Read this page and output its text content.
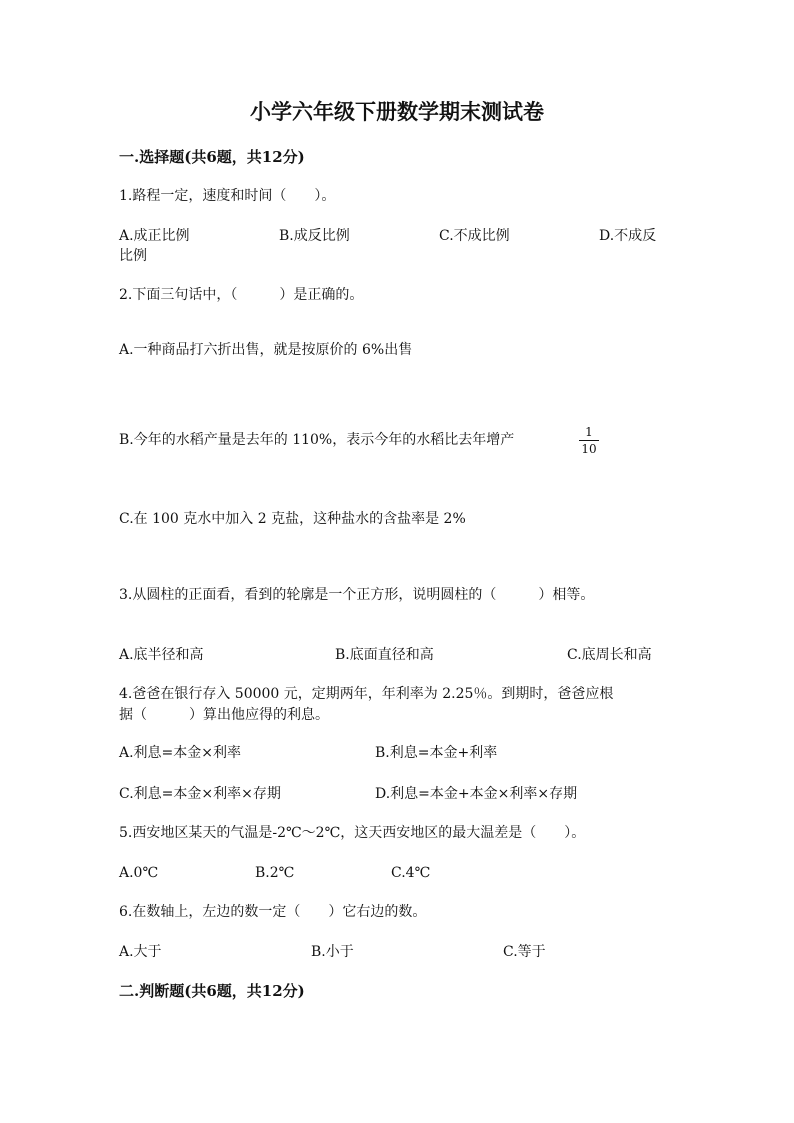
小学六年级下册数学期末测试卷
一.选择题(共6题，共12分)
1.路程一定，速度和时间（　　）。
A.成正比例	B.成反比例	C.不成比例	D.不成反
比例
2.下面三句话中，（　　　）是正确的。
A.一种商品打六折出售，就是按原价的 6%出售
B.今年的水稻产量是去年的 110%，表示今年的水稻比去年增产	1
10
C.在 100 克水中加入 2 克盐，这种盐水的含盐率是 2%
3.从圆柱的正面看，看到的轮廓是一个正方形，说明圆柱的（　　　）相等。
A.底半径和高	B.底面直径和高	C.底周长和高
4.爸爸在银行存入 50000 元，定期两年，年利率为 2.25％。到期时，爸爸应根
据（　　　）算出他应得的利息。
A.利息=本金×利率	B.利息=本金+利率
C.利息=本金×利率×存期	D.利息=本金+本金×利率×存期
5.西安地区某天的气温是-2℃～2℃，这天西安地区的最大温差是（　　）。
A.0℃	B.2℃	C.4℃
6.在数轴上，左边的数一定（　　）它右边的数。
A.大于	B.小于	C.等于
二.判断题(共6题，共12分)
